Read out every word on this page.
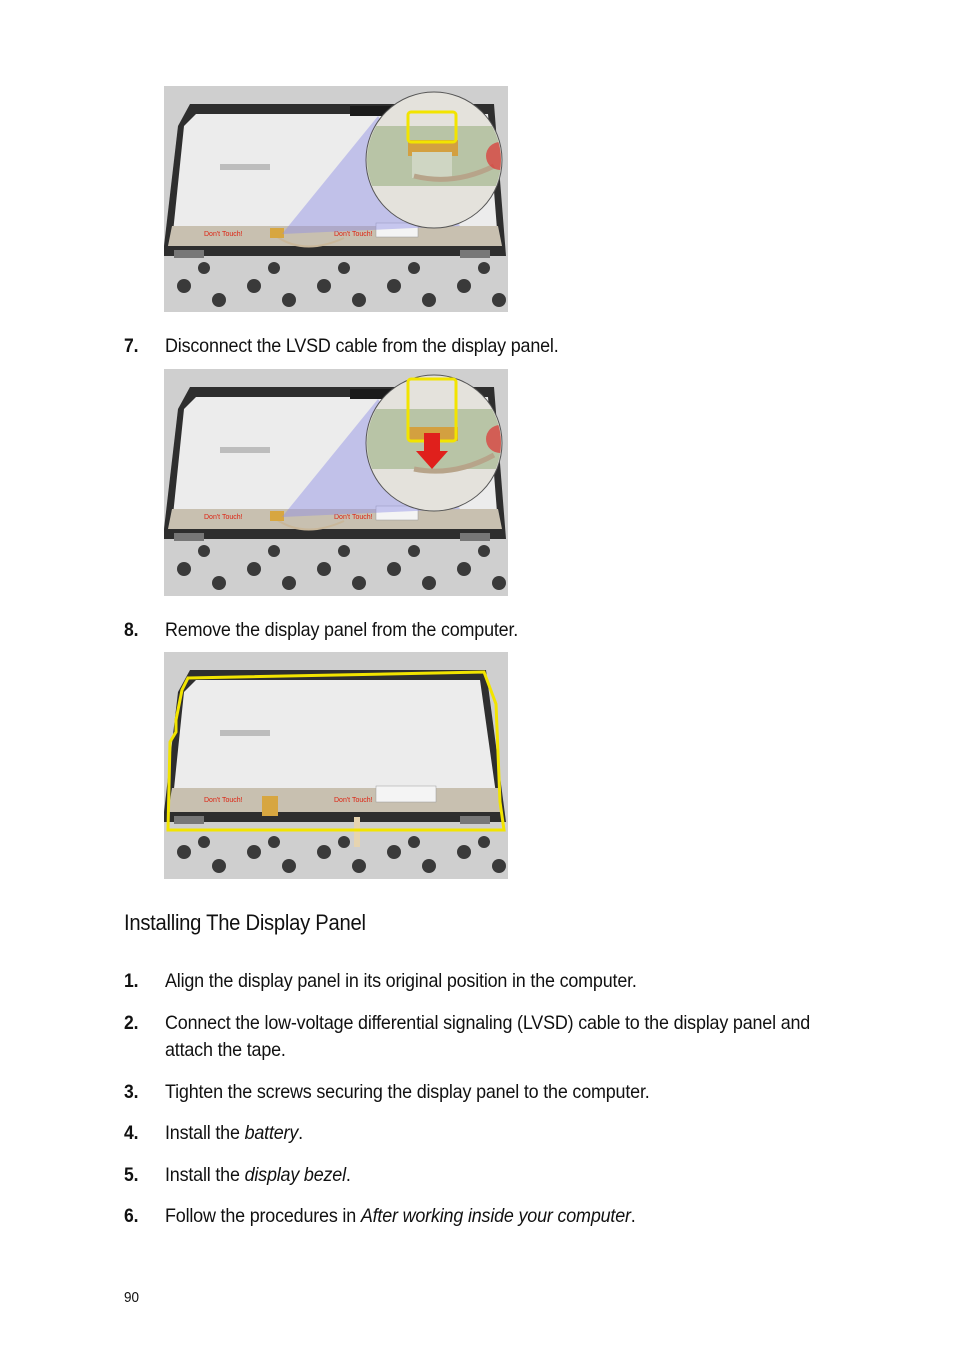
Don't Touch!	Don't Touch!
7. Disconnect the LVSD cable from the display panel.
Don't Touch!	Don't Touch!
8. Remove the display panel from the computer.
Don't Touch!	Don't Touch!
Installing The Display Panel
1. Align the display panel in its original position in the computer.
2. Connect the low-voltage differential signaling (LVSD) cable to the display panel and attach the tape.
3. Tighten the screws securing the display panel to the computer.
4. Install the battery.
5. Install the display bezel.
6. Follow the procedures in After working inside your computer.
90
